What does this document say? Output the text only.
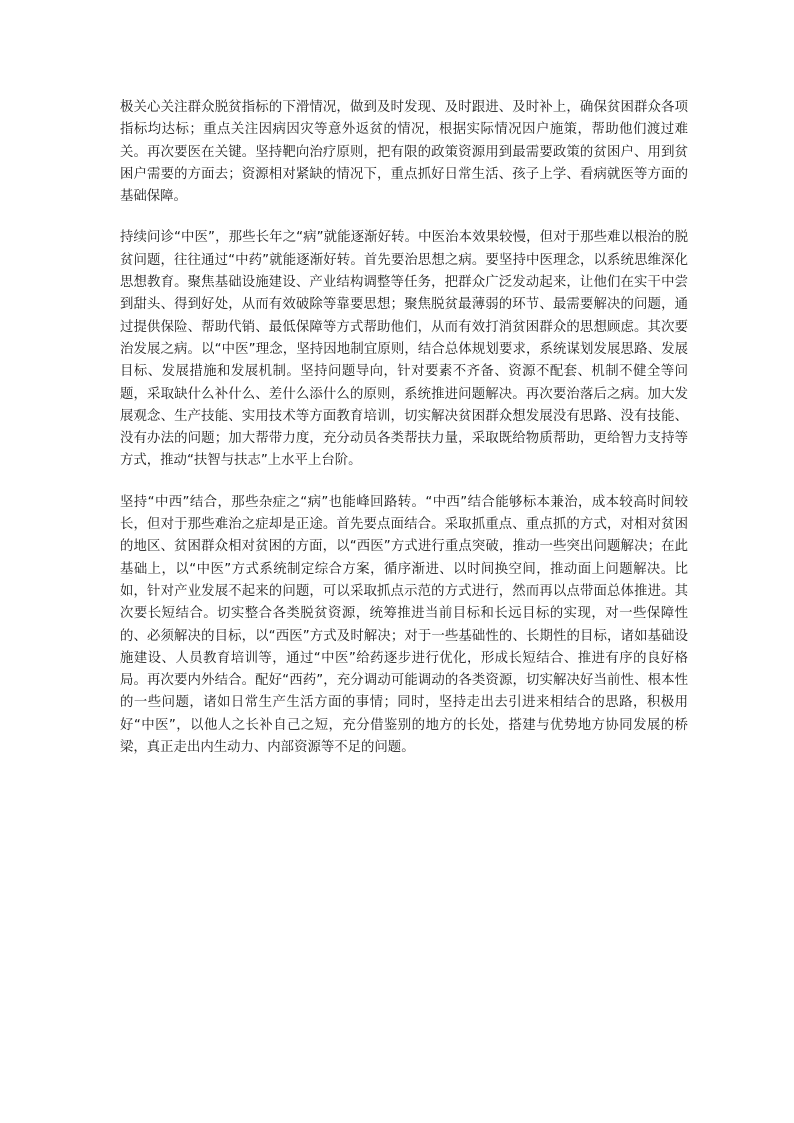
极关心关注群众脱贫指标的下滑情况，做到及时发现、及时跟进、及时补上，确保贫困群众各项指标均达标；重点关注因病因灾等意外返贫的情况，根据实际情况因户施策，帮助他们渡过难关。再次要医在关键。坚持靶向治疗原则，把有限的政策资源用到最需要政策的贫困户、用到贫困户需要的方面去；资源相对紧缺的情况下，重点抓好日常生活、孩子上学、看病就医等方面的基础保障。

持续问诊“中医”，那些长年之“病”就能逐渐好转。中医治本效果较慢，但对于那些难以根治的脱贫问题，往往通过“中药”就能逐渐好转。首先要治思想之病。要坚持中医理念，以系统思维深化思想教育。聚焦基础设施建设、产业结构调整等任务，把群众广泛发动起来，让他们在实干中尝到甜头、得到好处，从而有效破除等靠要思想；聚焦脱贫最薄弱的环节、最需要解决的问题，通过提供保险、帮助代销、最低保障等方式帮助他们，从而有效打消贫困群众的思想顾虑。其次要治发展之病。以“中医”理念，坚持因地制宜原则，结合总体规划要求，系统谋划发展思路、发展目标、发展措施和发展机制。坚持问题导向，针对要素不齐备、资源不配套、机制不健全等问题，采取缺什么补什么、差什么添什么的原则，系统推进问题解决。再次要治落后之病。加大发展观念、生产技能、实用技术等方面教育培训，切实解决贫困群众想发展没有思路、没有技能、没有办法的问题；加大帮带力度，充分动员各类帮扶力量，采取既给物质帮助，更给智力支持等方式，推动“扶智与扶志”上水平上台阶。

坚持“中西”结合，那些杂症之“病”也能峰回路转。“中西”结合能够标本兼治，成本较高时间较长，但对于那些难治之症却是正途。首先要点面结合。采取抓重点、重点抓的方式，对相对贫困的地区、贫困群众相对贫困的方面，以“西医”方式进行重点突破，推动一些突出问题解决；在此基础上，以“中医”方式系统制定综合方案，循序渐进、以时间换空间，推动面上问题解决。比如，针对产业发展不起来的问题，可以采取抓点示范的方式进行，然而再以点带面总体推进。其次要长短结合。切实整合各类脱贫资源，统筹推进当前目标和长远目标的实现，对一些保障性的、必须解决的目标，以“西医”方式及时解决；对于一些基础性的、长期性的目标，诸如基础设施建设、人员教育培训等，通过“中医”给药逐步进行优化，形成长短结合、推进有序的良好格局。再次要内外结合。配好“西药”，充分调动可能调动的各类资源，切实解决好当前性、根本性的一些问题，诸如日常生产生活方面的事情；同时，坚持走出去引进来相结合的思路，积极用好“中医”，以他人之长补自己之短，充分借鉴别的地方的长处，搭建与优势地方协同发展的桥梁，真正走出内生动力、内部资源等不足的问题。
